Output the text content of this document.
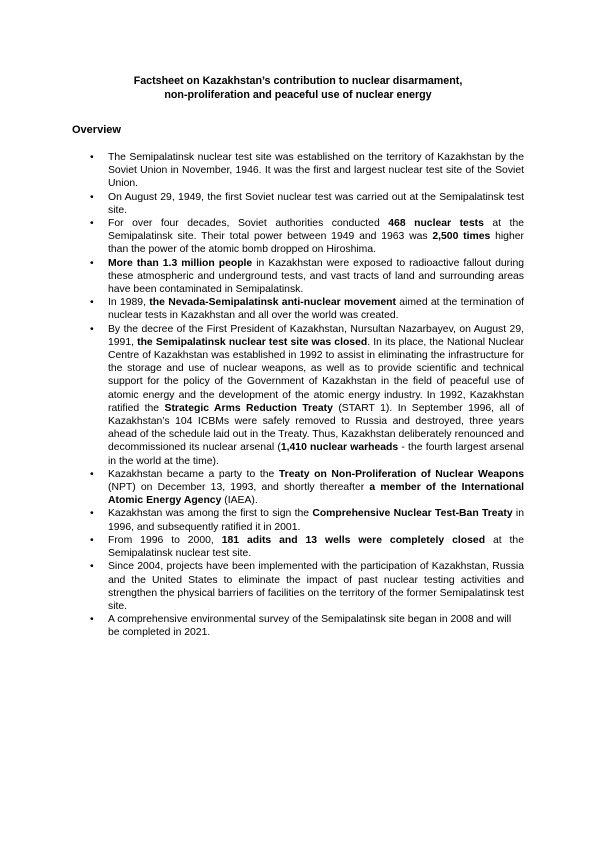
Factsheet on Kazakhstan’s contribution to nuclear disarmament,
non-proliferation and peaceful use of nuclear energy
Overview
• The Semipalatinsk nuclear test site was established on the territory of Kazakhstan by the Soviet Union in November, 1946. It was the first and largest nuclear test site of the Soviet Union.
• On August 29, 1949, the first Soviet nuclear test was carried out at the Semipalatinsk test site.
• For over four decades, Soviet authorities conducted 468 nuclear tests at the Semipalatinsk site. Their total power between 1949 and 1963 was 2,500 times higher than the power of the atomic bomb dropped on Hiroshima.
• More than 1.3 million people in Kazakhstan were exposed to radioactive fallout during these atmospheric and underground tests, and vast tracts of land and surrounding areas have been contaminated in Semipalatinsk.
• In 1989, the Nevada-Semipalatinsk anti-nuclear movement aimed at the termination of nuclear tests in Kazakhstan and all over the world was created.
• By the decree of the First President of Kazakhstan, Nursultan Nazarbayev, on August 29, 1991, the Semipalatinsk nuclear test site was closed. In its place, the National Nuclear Centre of Kazakhstan was established in 1992 to assist in eliminating the infrastructure for the storage and use of nuclear weapons, as well as to provide scientific and technical support for the policy of the Government of Kazakhstan in the field of peaceful use of atomic energy and the development of the atomic energy industry. In 1992, Kazakhstan ratified the Strategic Arms Reduction Treaty (START 1). In September 1996, all of Kazakhstan’s 104 ICBMs were safely removed to Russia and destroyed, three years ahead of the schedule laid out in the Treaty. Thus, Kazakhstan deliberately renounced and decommissioned its nuclear arsenal (1,410 nuclear warheads - the fourth largest arsenal in the world at the time).
• Kazakhstan became a party to the Treaty on Non-Proliferation of Nuclear Weapons (NPT) on December 13, 1993, and shortly thereafter a member of the International Atomic Energy Agency (IAEA).
• Kazakhstan was among the first to sign the Comprehensive Nuclear Test-Ban Treaty in 1996, and subsequently ratified it in 2001.
• From 1996 to 2000, 181 adits and 13 wells were completely closed at the Semipalatinsk nuclear test site.
• Since 2004, projects have been implemented with the participation of Kazakhstan, Russia and the United States to eliminate the impact of past nuclear testing activities and strengthen the physical barriers of facilities on the territory of the former Semipalatinsk test site.
• A comprehensive environmental survey of the Semipalatinsk site began in 2008 and will be completed in 2021.
